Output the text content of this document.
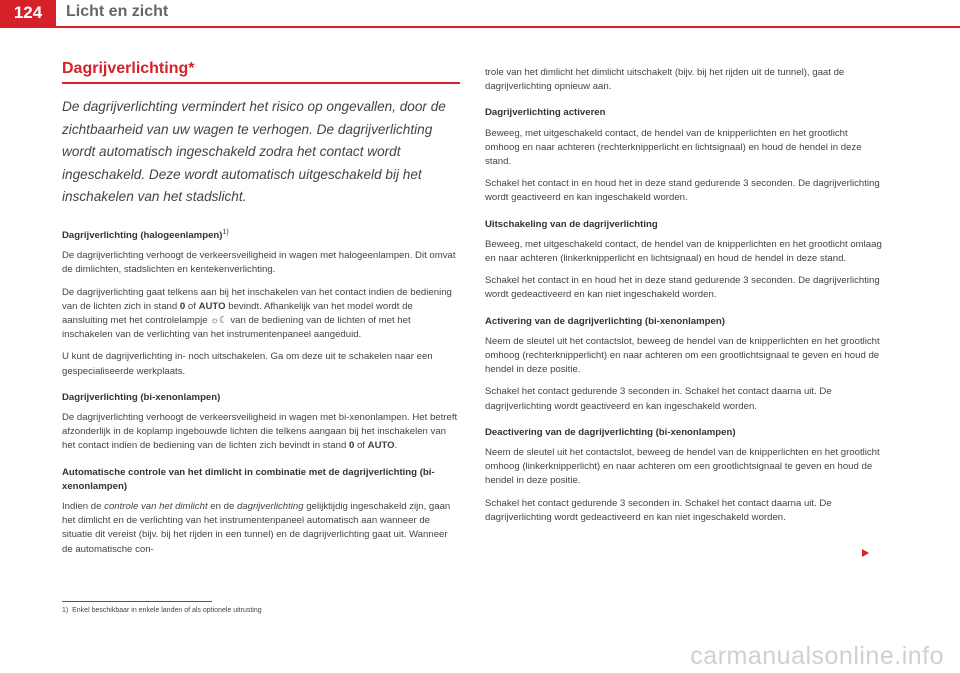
124	Licht en zicht
Dagrijverlichting*
De dagrijverlichting vermindert het risico op ongevallen, door de zichtbaarheid van uw wagen te verhogen. De dagrijverlichting wordt automatisch ingeschakeld zodra het contact wordt ingeschakeld. Deze wordt automatisch uitgeschakeld bij het inschakelen van het stadslicht.
Dagrijverlichting (halogeenlampen)$^{1)}$

De dagrijverlichting verhoogt de verkeersveiligheid in wagen met halogeenlampen. Dit omvat de dimlichten, stadslichten en kentekenverlichting.

De dagrijverlichting gaat telkens aan bij het inschakelen van het contact indien de bediening van de lichten zich in stand 0 of AUTO bevindt. Afhankelijk van het model wordt de aansluiting met het controlelampje ☼☾ van de bediening van de lichten of met het inschakelen van de verlichting van het instrumentenpaneel aangeduid.

U kunt de dagrijverlichting in- noch uitschakelen. Ga om deze uit te schakelen naar een gespecialiseerde werkplaats.

Dagrijverlichting (bi-xenonlampen)

De dagrijverlichting verhoogt de verkeersveiligheid in wagen met bi-xenonlampen. Het betreft afzonderlijk in de koplamp ingebouwde lichten die telkens aangaan bij het inschakelen van het contact indien de bediening van de lichten zich bevindt in stand 0 of AUTO.

Automatische controle van het dimlicht in combinatie met de dagrijverlichting (bi-xenonlampen)

Indien de controle van het dimlicht en de dagrijverlichting gelijktijdig ingeschakeld zijn, gaan het dimlicht en de verlichting van het instrumentenpaneel automatisch aan wanneer de situatie dit vereist (bijv. bij het rijden in een tunnel) en de dagrijverlichting gaat uit. Wanneer de automatische con-

trole van het dimlicht het dimlicht uitschakelt (bijv. bij het rijden uit de tunnel), gaat de dagrijverlichting opnieuw aan.

Dagrijverlichting activeren

Beweeg, met uitgeschakeld contact, de hendel van de knipperlichten en het grootlicht omhoog en naar achteren (rechterknipperlicht en lichtsignaal) en houd de hendel in deze stand.

Schakel het contact in en houd het in deze stand gedurende 3 seconden. De dagrijverlichting wordt geactiveerd en kan ingeschakeld worden.

Uitschakeling van de dagrijverlichting

Beweeg, met uitgeschakeld contact, de hendel van de knipperlichten en het grootlicht omlaag en naar achteren (linkerknipperlicht en lichtsignaal) en houd de hendel in deze stand.

Schakel het contact in en houd het in deze stand gedurende 3 seconden. De dagrijverlichting wordt gedeactiveerd en kan niet ingeschakeld worden.

Activering van de dagrijverlichting (bi-xenonlampen)

Neem de sleutel uit het contactslot, beweeg de hendel van de knipperlichten en het grootlicht omhoog (rechterknipperlicht) en naar achteren om een grootlichtsignaal te geven en houd de hendel in deze positie.

Schakel het contact gedurende 3 seconden in. Schakel het contact daarna uit. De dagrijverlichting wordt geactiveerd en kan ingeschakeld worden.

Deactivering van de dagrijverlichting (bi-xenonlampen)

Neem de sleutel uit het contactslot, beweeg de hendel van de knipperlichten en het grootlicht omhoog (linkerknipperlicht) en naar achteren om een grootlichtsignaal te geven en houd de hendel in deze positie.

Schakel het contact gedurende 3 seconden in. Schakel het contact daarna uit. De dagrijverlichting wordt gedeactiveerd en kan niet ingeschakeld worden.

1) Enkel beschikbaar in enkele landen of als optionele uitrusting
carmanualsonline.info
